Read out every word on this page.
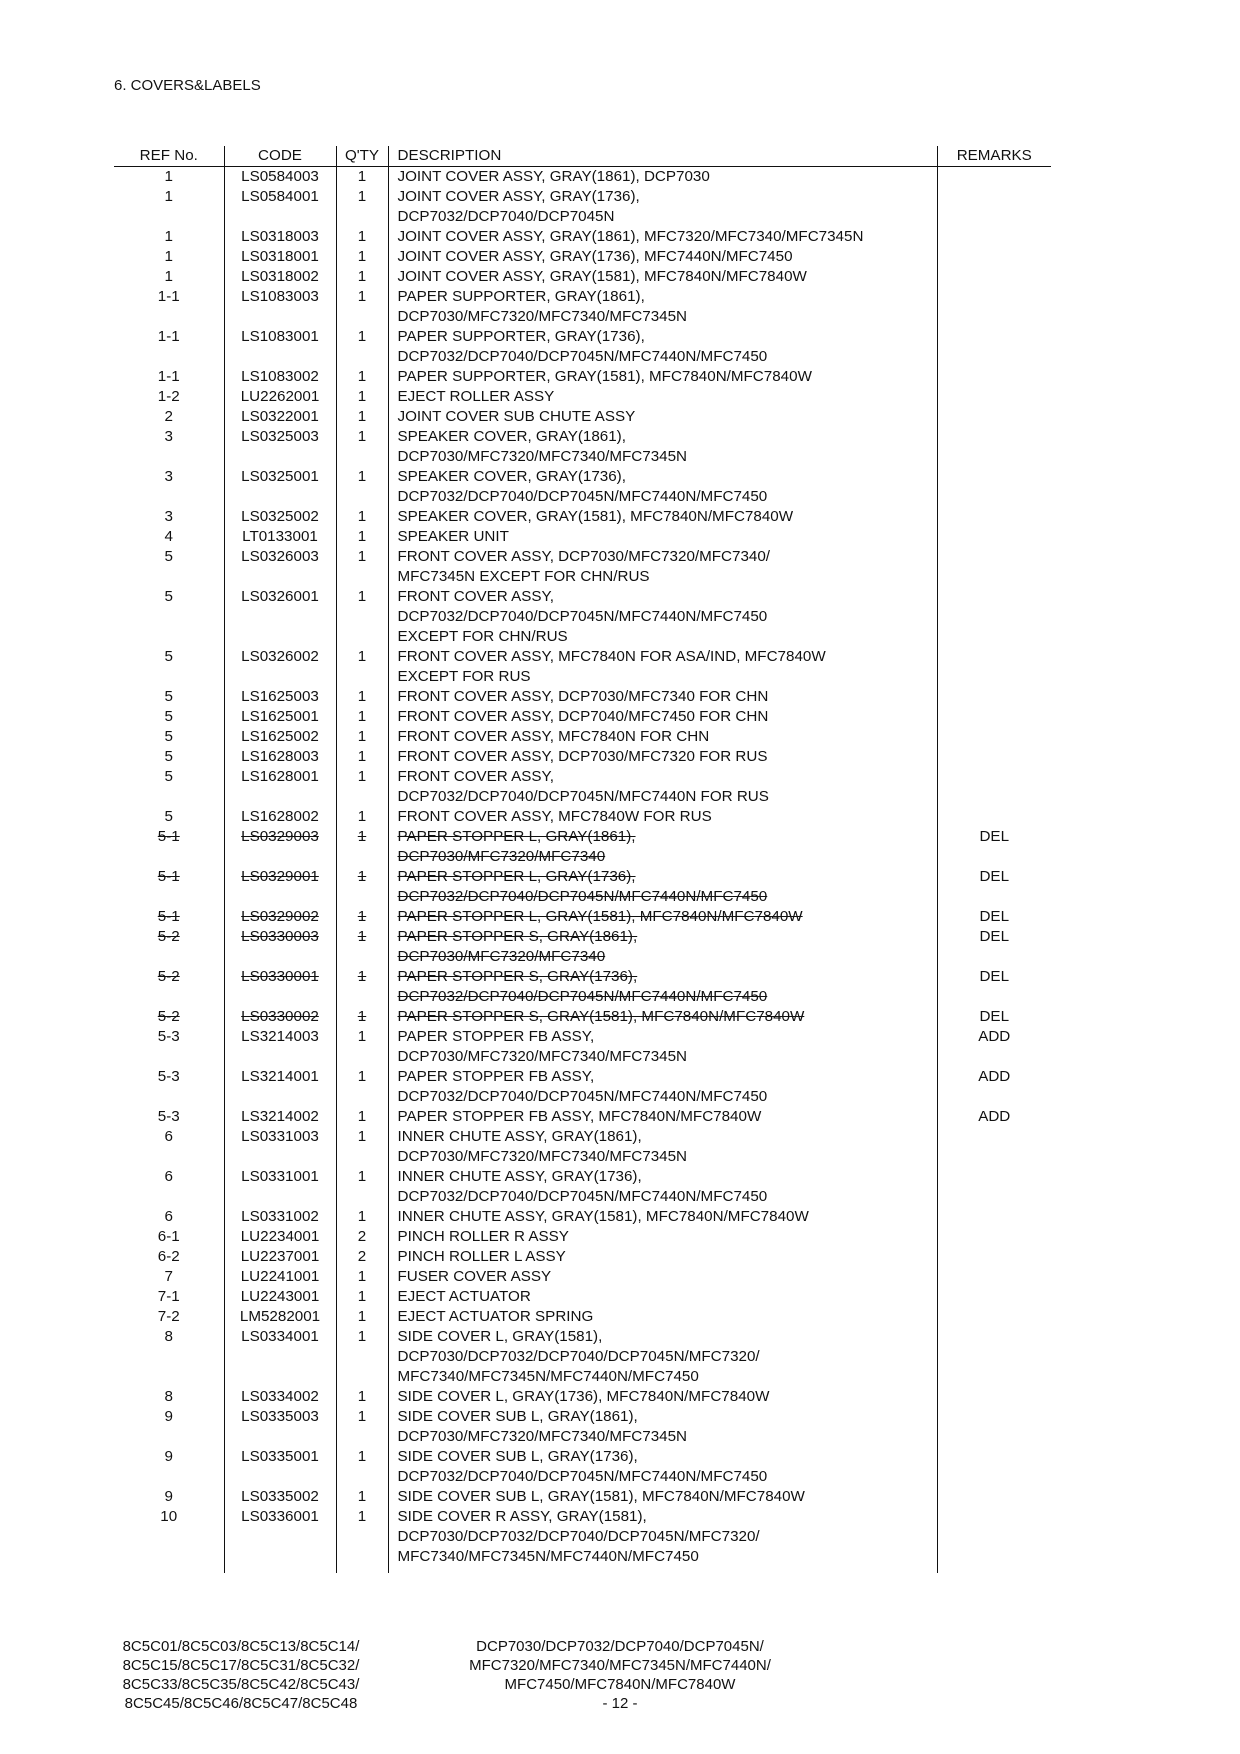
6. COVERS&LABELS
REF No.	CODE	Q'TY	DESCRIPTION	REMARKS
1	LS0584003	1	JOINT COVER ASSY, GRAY(1861), DCP7030	

1	LS0584001	1	JOINT COVER ASSY, GRAY(1736),
DCP7032/DCP7040/DCP7045N	

1	LS0318003	1	JOINT COVER ASSY, GRAY(1861), MFC7320/MFC7340/MFC7345N	

1	LS0318001	1	JOINT COVER ASSY, GRAY(1736), MFC7440N/MFC7450	

1	LS0318002	1	JOINT COVER ASSY, GRAY(1581), MFC7840N/MFC7840W	

1-1	LS1083003	1	PAPER SUPPORTER, GRAY(1861),
DCP7030/MFC7320/MFC7340/MFC7345N	

1-1	LS1083001	1	PAPER SUPPORTER, GRAY(1736),
DCP7032/DCP7040/DCP7045N/MFC7440N/MFC7450	

1-1	LS1083002	1	PAPER SUPPORTER, GRAY(1581), MFC7840N/MFC7840W	

1-2	LU2262001	1	EJECT ROLLER ASSY	

2	LS0322001	1	JOINT COVER SUB CHUTE ASSY	

3	LS0325003	1	SPEAKER COVER, GRAY(1861),
DCP7030/MFC7320/MFC7340/MFC7345N	

3	LS0325001	1	SPEAKER COVER, GRAY(1736),
DCP7032/DCP7040/DCP7045N/MFC7440N/MFC7450	

3	LS0325002	1	SPEAKER COVER, GRAY(1581), MFC7840N/MFC7840W	

4	LT0133001	1	SPEAKER UNIT	

5	LS0326003	1	FRONT COVER ASSY, DCP7030/MFC7320/MFC7340/
MFC7345N EXCEPT FOR CHN/RUS	

5	LS0326001	1	FRONT COVER ASSY,
DCP7032/DCP7040/DCP7045N/MFC7440N/MFC7450
EXCEPT FOR CHN/RUS	

5	LS0326002	1	FRONT COVER ASSY, MFC7840N FOR ASA/IND, MFC7840W
EXCEPT FOR RUS	

5	LS1625003	1	FRONT COVER ASSY, DCP7030/MFC7340 FOR CHN	

5	LS1625001	1	FRONT COVER ASSY, DCP7040/MFC7450 FOR CHN	

5	LS1625002	1	FRONT COVER ASSY, MFC7840N FOR CHN	

5	LS1628003	1	FRONT COVER ASSY, DCP7030/MFC7320 FOR RUS	

5	LS1628001	1	FRONT COVER ASSY,
DCP7032/DCP7040/DCP7045N/MFC7440N FOR RUS	

5	LS1628002	1	FRONT COVER ASSY, MFC7840W FOR RUS	

5-1	LS0329003	1	PAPER STOPPER L, GRAY(1861),
DCP7030/MFC7320/MFC7340	DEL
5-1	LS0329001	1	PAPER STOPPER L, GRAY(1736),
DCP7032/DCP7040/DCP7045N/MFC7440N/MFC7450	DEL
5-1	LS0329002	1	PAPER STOPPER L, GRAY(1581), MFC7840N/MFC7840W	DEL
5-2	LS0330003	1	PAPER STOPPER S, GRAY(1861),
DCP7030/MFC7320/MFC7340	DEL
5-2	LS0330001	1	PAPER STOPPER S, GRAY(1736),
DCP7032/DCP7040/DCP7045N/MFC7440N/MFC7450	DEL
5-2	LS0330002	1	PAPER STOPPER S, GRAY(1581), MFC7840N/MFC7840W	DEL
5-3	LS3214003	1	PAPER STOPPER FB ASSY,
DCP7030/MFC7320/MFC7340/MFC7345N	ADD
5-3	LS3214001	1	PAPER STOPPER FB ASSY,
DCP7032/DCP7040/DCP7045N/MFC7440N/MFC7450	ADD
5-3	LS3214002	1	PAPER STOPPER FB ASSY, MFC7840N/MFC7840W	ADD
6	LS0331003	1	INNER CHUTE ASSY, GRAY(1861),
DCP7030/MFC7320/MFC7340/MFC7345N	

6	LS0331001	1	INNER CHUTE ASSY, GRAY(1736),
DCP7032/DCP7040/DCP7045N/MFC7440N/MFC7450	

6	LS0331002	1	INNER CHUTE ASSY, GRAY(1581), MFC7840N/MFC7840W	

6-1	LU2234001	2	PINCH ROLLER R ASSY	

6-2	LU2237001	2	PINCH ROLLER L ASSY	

7	LU2241001	1	FUSER COVER ASSY	

7-1	LU2243001	1	EJECT ACTUATOR	

7-2	LM5282001	1	EJECT ACTUATOR SPRING	

8	LS0334001	1	SIDE COVER L, GRAY(1581),
DCP7030/DCP7032/DCP7040/DCP7045N/MFC7320/
MFC7340/MFC7345N/MFC7440N/MFC7450	

8	LS0334002	1	SIDE COVER L, GRAY(1736), MFC7840N/MFC7840W	

9	LS0335003	1	SIDE COVER SUB L, GRAY(1861),
DCP7030/MFC7320/MFC7340/MFC7345N	

9	LS0335001	1	SIDE COVER SUB L, GRAY(1736),
DCP7032/DCP7040/DCP7045N/MFC7440N/MFC7450	

9	LS0335002	1	SIDE COVER SUB L, GRAY(1581), MFC7840N/MFC7840W	

10	LS0336001	1	SIDE COVER R ASSY, GRAY(1581),
DCP7030/DCP7032/DCP7040/DCP7045N/MFC7320/
MFC7340/MFC7345N/MFC7440N/MFC7450	

8C5C01/8C5C03/8C5C13/8C5C14/
8C5C15/8C5C17/8C5C31/8C5C32/
8C5C33/8C5C35/8C5C42/8C5C43/
8C5C45/8C5C46/8C5C47/8C5C48
DCP7030/DCP7032/DCP7040/DCP7045N/
MFC7320/MFC7340/MFC7345N/MFC7440N/
MFC7450/MFC7840N/MFC7840W
- 12 -
